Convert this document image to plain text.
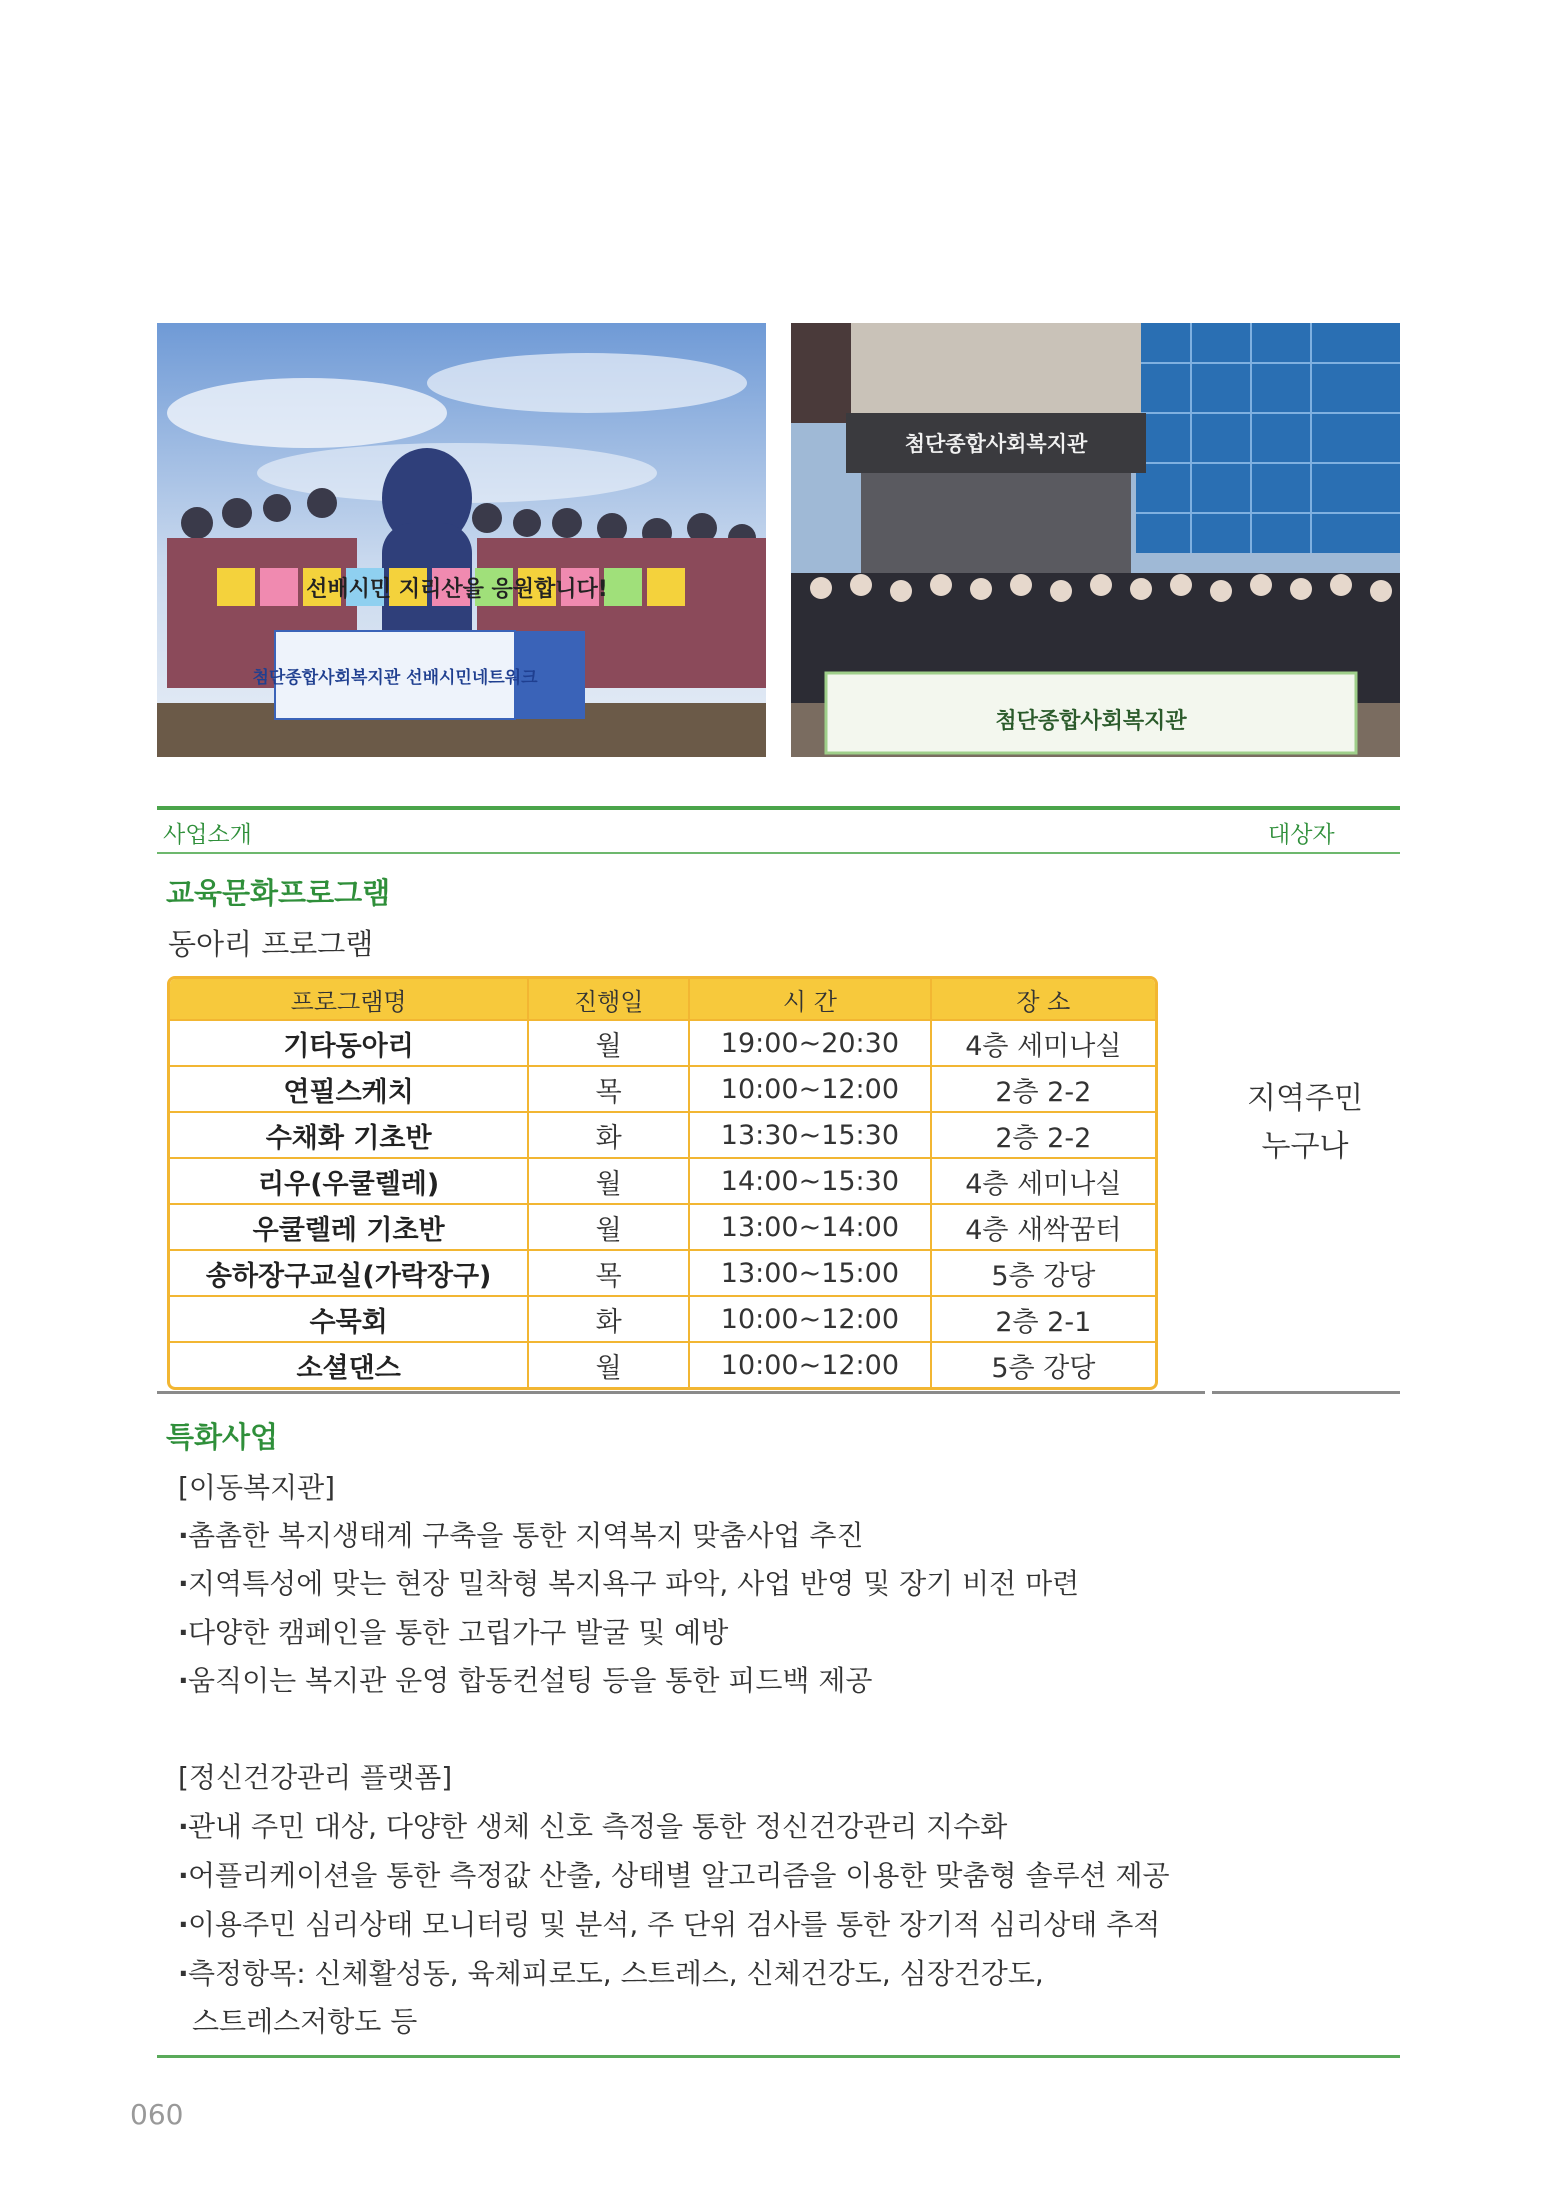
선배시민 지리산을 응원합니다!
첨단종합사회복지관 선배시민네트워크
첨단종합사회복지관
첨단종합사회복지관
사업소개	대상자
교육문화프로그램
동아리 프로그램
프로그램명	진행일	시 간	장 소
기타동아리	월	19:00~20:30	4층 세미나실
연필스케치	목	10:00~12:00	2층 2-2
수채화 기초반	화	13:30~15:30	2층 2-2
리우(우쿨렐레)	월	14:00~15:30	4층 세미나실
우쿨렐레 기초반	월	13:00~14:00	4층 새싹꿈터
송하장구교실(가락장구)	목	13:00~15:00	5층 강당
수묵회	화	10:00~12:00	2층 2-1
소셜댄스	월	10:00~12:00	5층 강당
지역주민
누구나
특화사업
[이동복지관]
·촘촘한 복지생태계 구축을 통한 지역복지 맞춤사업 추진
·지역특성에 맞는 현장 밀착형 복지욕구 파악, 사업 반영 및 장기 비전 마련
·다양한 캠페인을 통한 고립가구 발굴 및 예방
·움직이는 복지관 운영 합동컨설팅 등을 통한 피드백 제공
[정신건강관리 플랫폼]
·관내 주민 대상, 다양한 생체 신호 측정을 통한 정신건강관리 지수화
·어플리케이션을 통한 측정값 산출, 상태별 알고리즘을 이용한 맞춤형 솔루션 제공
·이용주민 심리상태 모니터링 및 분석, 주 단위 검사를 통한 장기적 심리상태 추적
·측정항목: 신체활성동, 육체피로도, 스트레스, 신체건강도, 심장건강도,
스트레스저항도 등
060
